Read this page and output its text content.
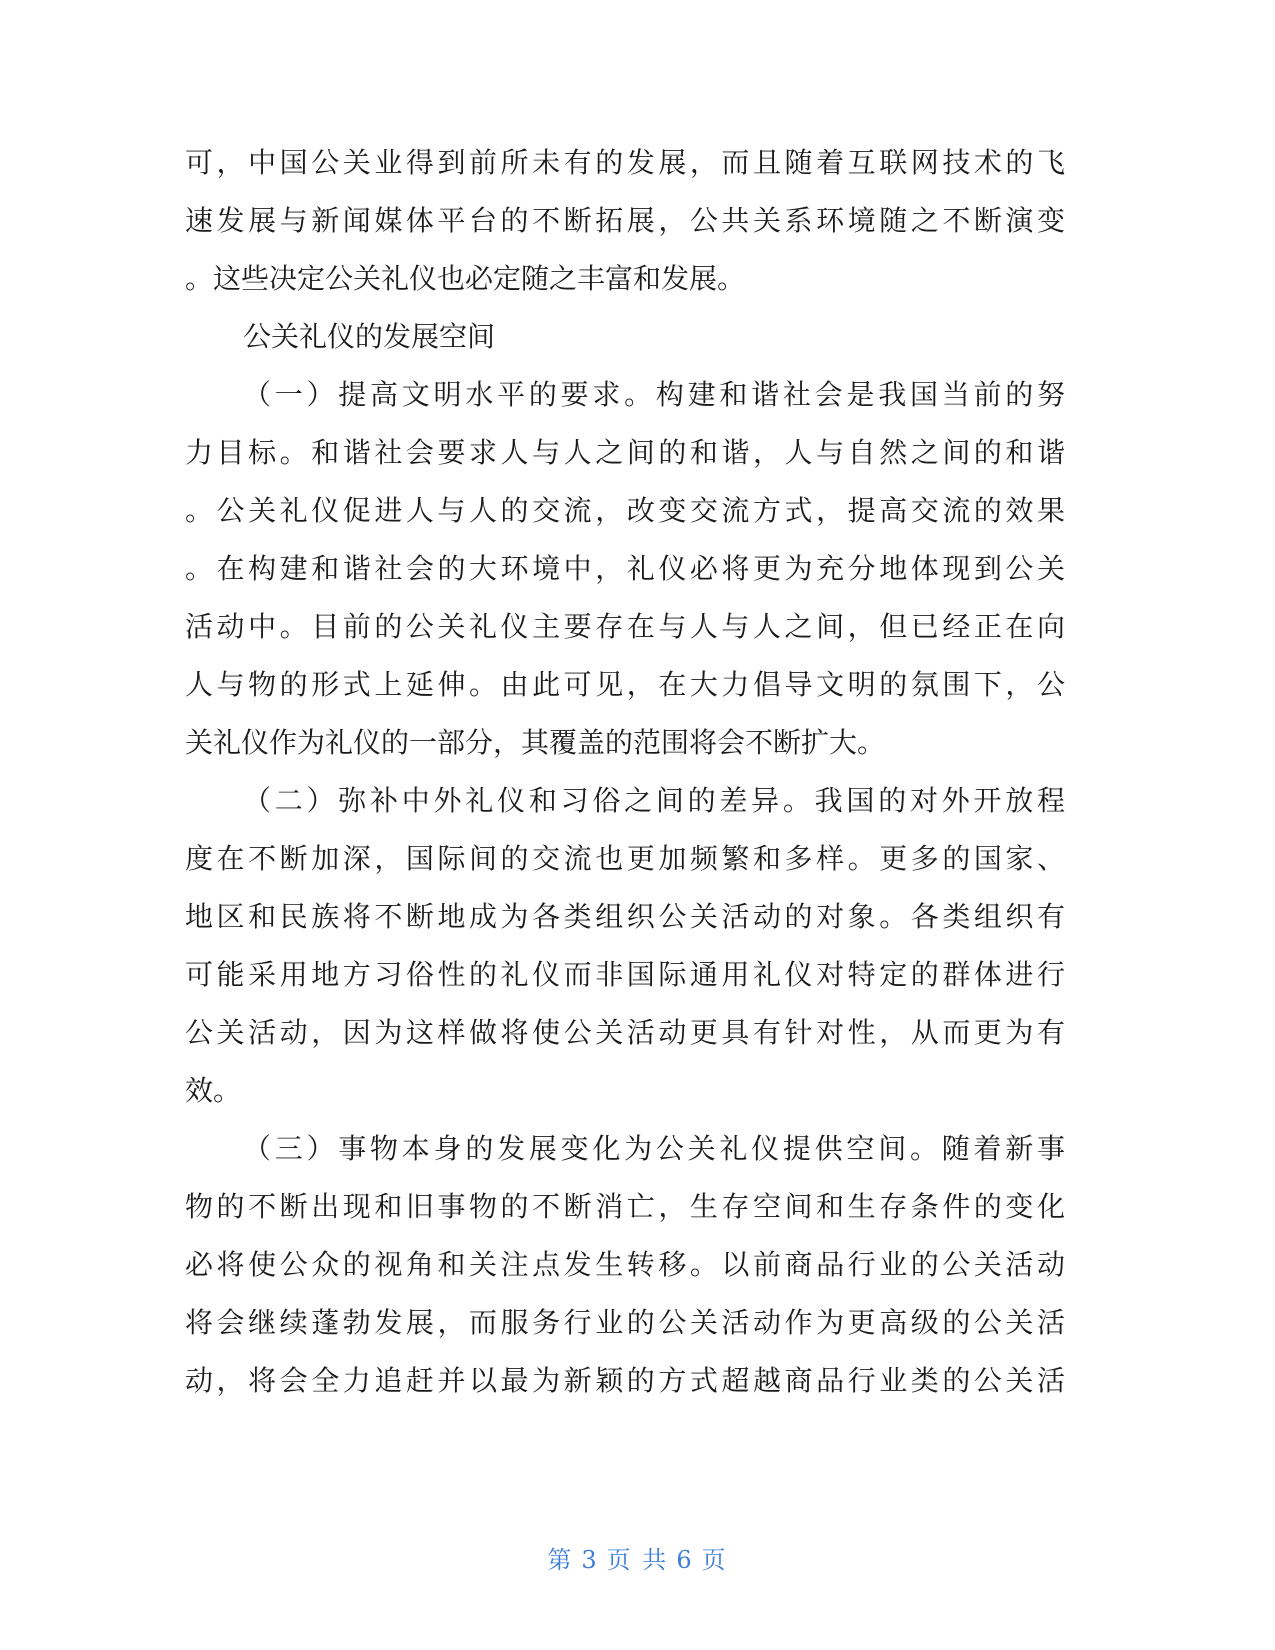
可，中国公关业得到前所未有的发展，而且随着互联网技术的飞
速发展与新闻媒体平台的不断拓展，公共关系环境随之不断演变
。这些决定公关礼仪也必定随之丰富和发展。
公关礼仪的发展空间
（一）提高文明水平的要求。构建和谐社会是我国当前的努
力目标。和谐社会要求人与人之间的和谐，人与自然之间的和谐
。公关礼仪促进人与人的交流，改变交流方式，提高交流的效果
。在构建和谐社会的大环境中，礼仪必将更为充分地体现到公关
活动中。目前的公关礼仪主要存在与人与人之间，但已经正在向
人与物的形式上延伸。由此可见，在大力倡导文明的氛围下，公
关礼仪作为礼仪的一部分，其覆盖的范围将会不断扩大。
（二）弥补中外礼仪和习俗之间的差异。我国的对外开放程
度在不断加深，国际间的交流也更加频繁和多样。更多的国家、
地区和民族将不断地成为各类组织公关活动的对象。各类组织有
可能采用地方习俗性的礼仪而非国际通用礼仪对特定的群体进行
公关活动，因为这样做将使公关活动更具有针对性，从而更为有
效。
（三）事物本身的发展变化为公关礼仪提供空间。随着新事
物的不断出现和旧事物的不断消亡，生存空间和生存条件的变化
必将使公众的视角和关注点发生转移。以前商品行业的公关活动
将会继续蓬勃发展，而服务行业的公关活动作为更高级的公关活
动，将会全力追赶并以最为新颖的方式超越商品行业类的公关活
第 3 页 共 6 页
